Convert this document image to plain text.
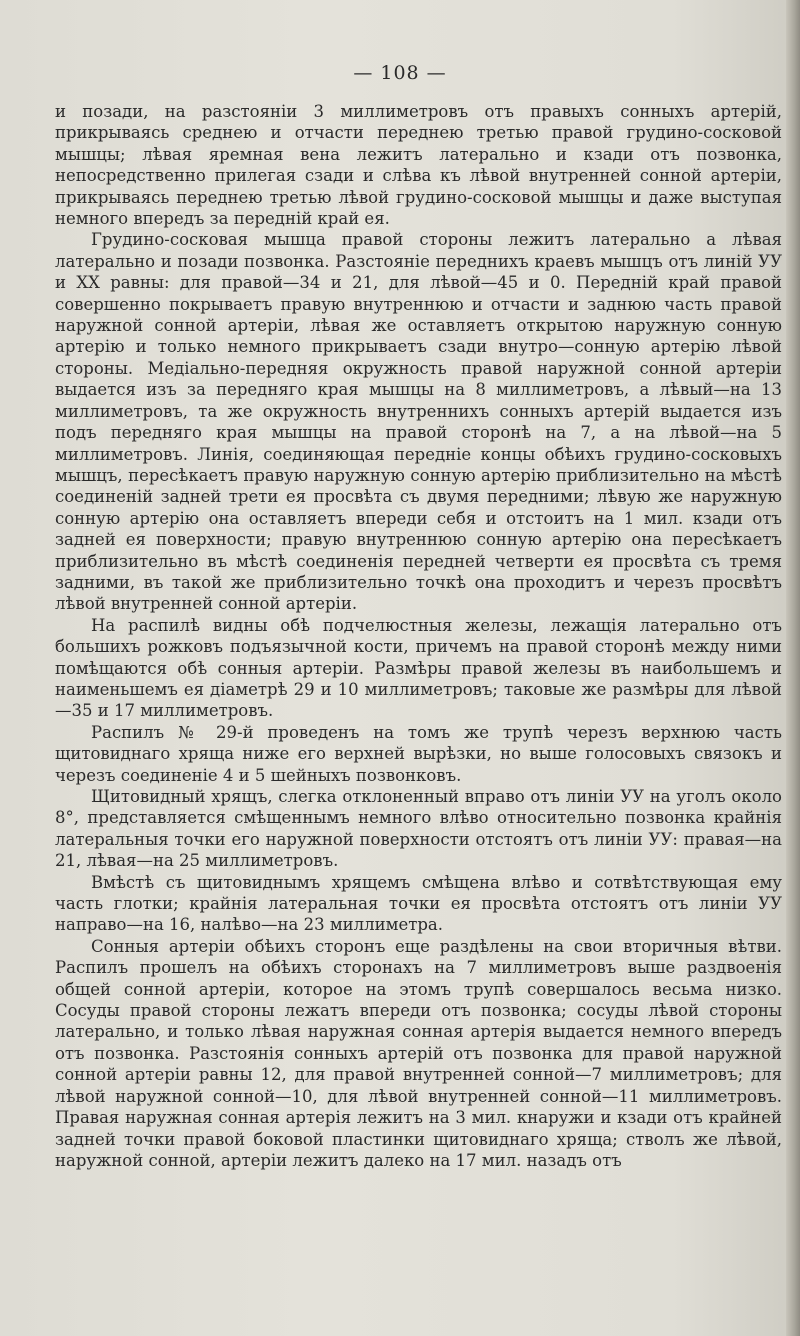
— 108 —

и позади, на разстояніи 3 миллиметровъ отъ правыхъ сонныхъ артерій, прикрываясь среднею и отчасти переднею третью правой грудино-сосковой мышцы; лѣвая яремная вена лежитъ латерально и кзади отъ позвонка, непосредственно прилегая сзади и слѣва къ лѣвой внутренней сонной артеріи, прикрываясь переднею третью лѣвой грудино-сосковой мышцы и даже выступая немного впередъ за передній край ея.

Грудино-сосковая мышца правой стороны лежитъ латерально а лѣвая латерально и позади позвонка. Разстояніе переднихъ краевъ мышцъ отъ линій УУ и ХХ равны: для правой—34 и 21, для лѣвой—45 и 0. Передній край правой совершенно покрываетъ правую внутреннюю и отчасти и заднюю часть правой наружной сонной артеріи, лѣвая же оставляетъ открытою наружную сонную артерію и только немного прикрываетъ сзади внутро—сонную артерію лѣвой стороны. Медіально-передняя окружность правой наружной сонной артеріи выдается изъ за передняго края мышцы на 8 миллиметровъ, а лѣвый—на 13 миллиметровъ, та же окружность внутреннихъ сонныхъ артерій выдается изъ подъ передняго края мышцы на правой сторонѣ на 7, а на лѣвой—на 5 миллиметровъ. Линія, соединяющая передніе концы обѣихъ грудино-сосковыхъ мышцъ, пересѣкаетъ правую наружную сонную артерію приблизительно на мѣстѣ соединеній задней трети ея просвѣта съ двумя передними; лѣвую же наружную сонную артерію она оставляетъ впереди себя и отстоитъ на 1 мил. кзади отъ задней ея поверхности; правую внутреннюю сонную артерію она пересѣкаетъ приблизительно въ мѣстѣ соединенія передней четверти ея просвѣта съ тремя задними, въ такой же приблизительно точкѣ она проходитъ и черезъ просвѣтъ лѣвой внутренней сонной артеріи.

На распилѣ видны обѣ подчелюстныя железы, лежащія латерально отъ большихъ рожковъ подъязычной кости, причемъ на правой сторонѣ между ними помѣщаются обѣ сонныя артеріи. Размѣры правой железы въ наибольшемъ и наименьшемъ ея діаметрѣ 29 и 10 миллиметровъ; таковые же размѣры для лѣвой—35 и 17 миллиметровъ.

Распилъ № 29-й проведенъ на томъ же трупѣ черезъ верхнюю часть щитовиднаго хряща ниже его верхней вырѣзки, но выше голосовыхъ связокъ и черезъ соединеніе 4 и 5 шейныхъ позвонковъ.

Щитовидный хрящъ, слегка отклоненный вправо отъ линіи УУ на уголъ около 8°, представляется смѣщеннымъ немного влѣво относительно позвонка крайнія латеральныя точки его наружной поверхности отстоятъ отъ линіи УУ: правая—на 21, лѣвая—на 25 миллиметровъ.

Вмѣстѣ съ щитовиднымъ хрящемъ смѣщена влѣво и сотвѣтствующая ему часть глотки; крайнія латеральная точки ея просвѣта отстоятъ отъ линіи УУ направо—на 16, налѣво—на 23 миллиметра.

Сонныя артеріи обѣихъ сторонъ еще раздѣлены на свои вторичныя вѣтви. Распилъ прошелъ на обѣихъ сторонахъ на 7 миллиметровъ выше раздвоенія общей сонной артеріи, которое на этомъ трупѣ совершалось весьма низко. Сосуды правой стороны лежатъ впереди отъ позвонка; сосуды лѣвой стороны латерально, и только лѣвая наружная сонная артерія выдается немного впередъ отъ позвонка. Разстоянія сонныхъ артерій отъ позвонка для правой наружной сонной артеріи равны 12, для правой внутренней сонной—7 миллиметровъ; для лѣвой наружной сонной—10, для лѣвой внутренней сонной—11 миллиметровъ. Правая наружная сонная артерія лежитъ на 3 мил. кнаружи и кзади отъ крайней задней точки правой боковой пластинки щитовиднаго хряща; стволъ же лѣвой, наружной сонной, артеріи лежитъ далеко на 17 мил. назадъ отъ
